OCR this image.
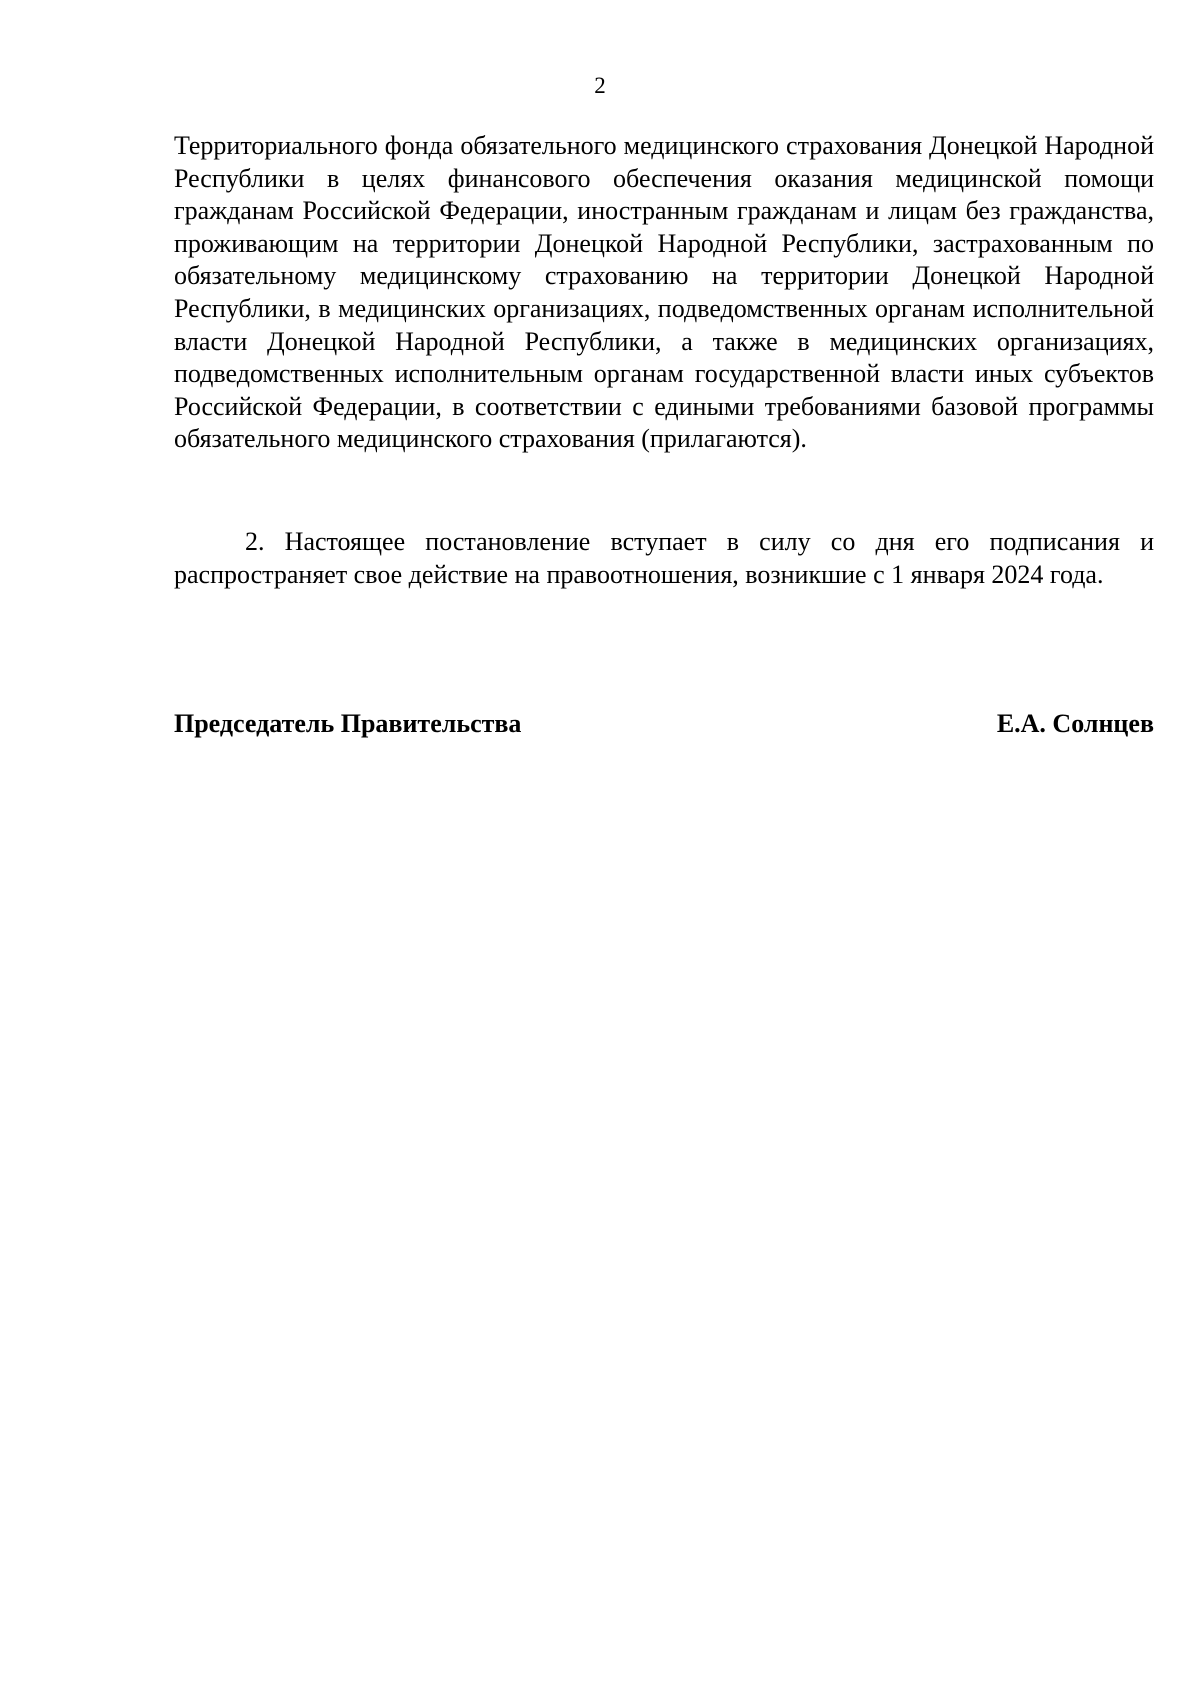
2

Территориального фонда обязательного медицинского страхования Донецкой Народной Республики в целях финансового обеспечения оказания медицинской помощи гражданам Российской Федерации, иностранным гражданам и лицам без гражданства, проживающим на территории Донецкой Народной Республики, застрахованным по обязательному медицинскому страхованию на территории Донецкой Народной Республики, в медицинских организациях, подведомственных органам исполнительной власти Донецкой Народной Республики, а также в медицинских организациях, подведомственных исполнительным органам государственной власти иных субъектов Российской Федерации, в соответствии с едиными требованиями базовой программы обязательного медицинского страхования (прилагаются).

2. Настоящее постановление вступает в силу со дня его подписания и распространяет свое действие на правоотношения, возникшие с 1 января 2024 года.

Председатель Правительства	Е.А. Солнцев
